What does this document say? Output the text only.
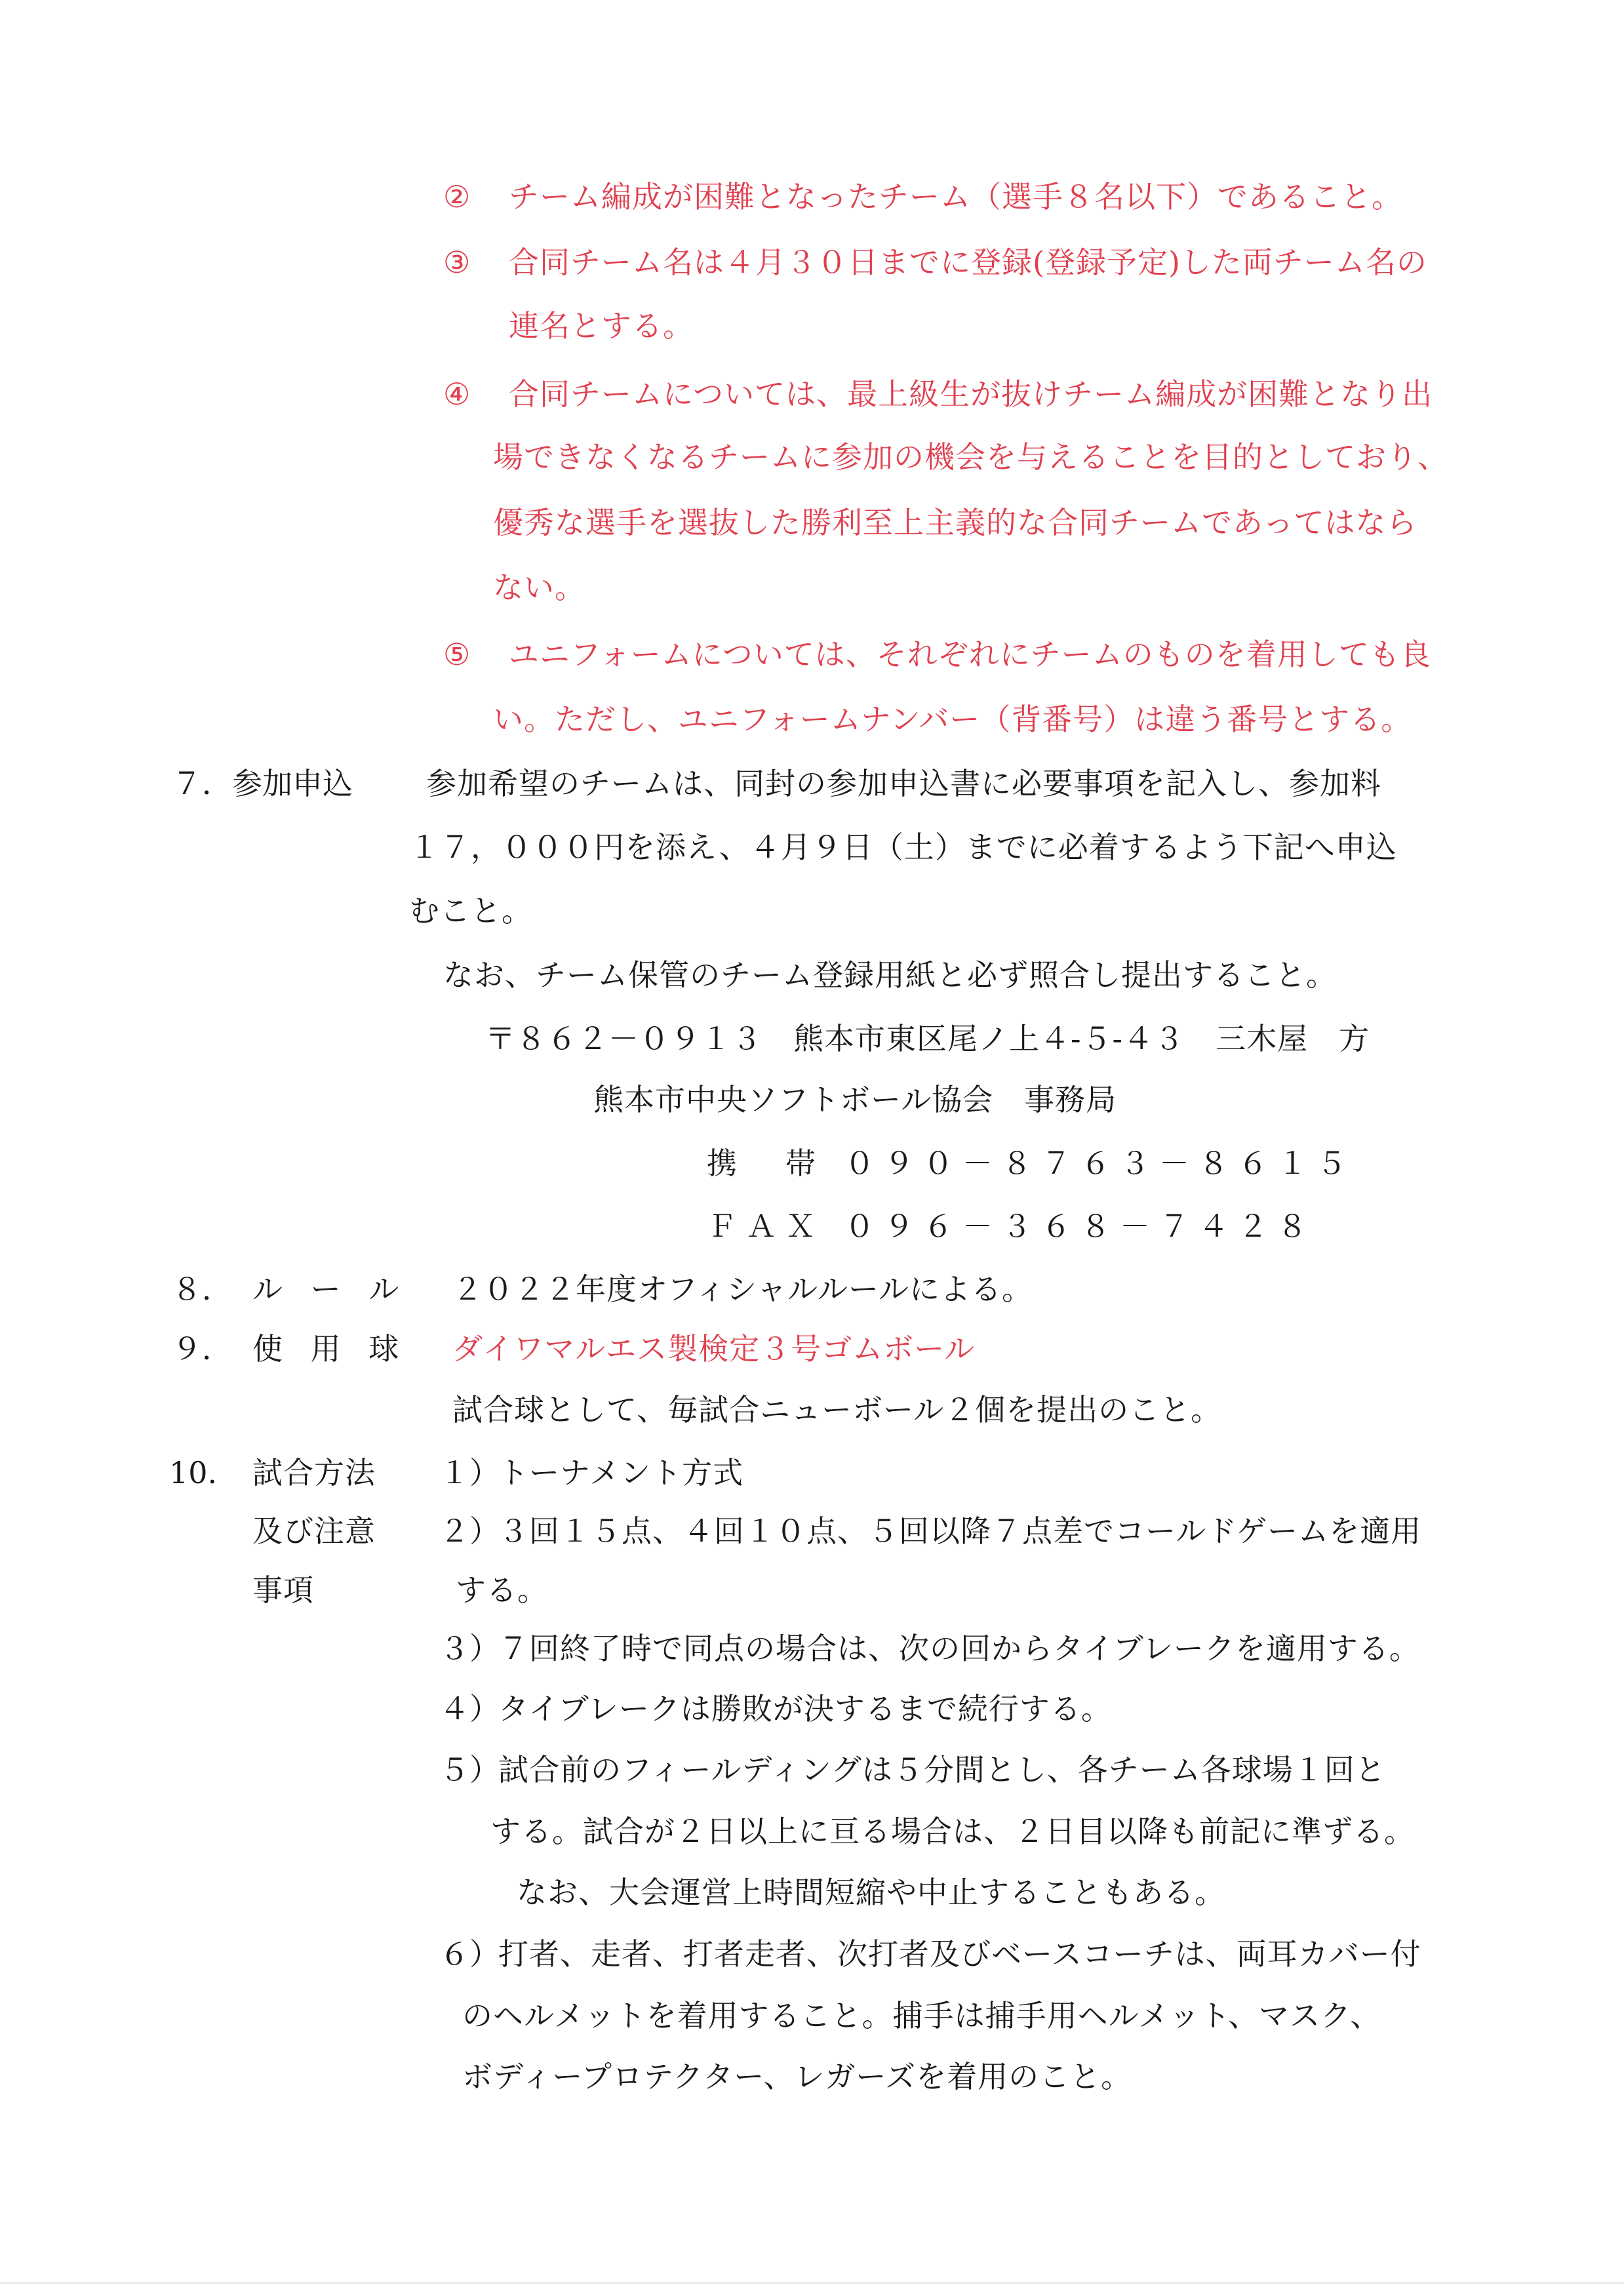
② チーム編成が困難となったチーム（選手８名以下）であること。
③ 合同チーム名は４月３０日までに登録(登録予定)した両チーム名の
連名とする。
④ 合同チームについては、最上級生が抜けチーム編成が困難となり出
場できなくなるチームに参加の機会を与えることを目的としており、
優秀な選手を選抜した勝利至上主義的な合同チームであってはなら
ない。
⑤ ユニフォームについては、それぞれにチームのものを着用しても良
い。ただし、ユニフォームナンバー（背番号）は違う番号とする。
７．参加申込 参加希望のチームは、同封の参加申込書に必要事項を記入し、参加料
１７，０００円を添え、４月９日（土）までに必着するよう下記へ申込
むこと。
なお、チーム保管のチーム登録用紙と必ず照合し提出すること。
〒８６２－０９１３　熊本市東区尾ノ上４-５-４３　三木屋　方
熊本市中央ソフトボール協会　事務局
携　帯 ０９０－８７６３－８６１５
ＦＡＸ ０９６－３６８－７４２８
８． ル ー ル ２０２２年度オフィシャルルールによる。
９． 使 用 球 ダイワマルエス製検定３号ゴムボール
試合球として、毎試合ニューボール２個を提出のこと。
10. 試合方法
及び注意
事項
１）
トーナメント方式
２）
３回１５点、４回１０点、５回以降７点差でコールドゲームを適用
する。
３）
７回終了時で同点の場合は、次の回からタイブレークを適用する。
４）
タイブレークは勝敗が決するまで続行する。
５）
試合前のフィールディングは５分間とし、各チーム各球場１回と
する。試合が２日以上に亘る場合は、２日目以降も前記に準ずる。
なお、大会運営上時間短縮や中止することもある。
６）
打者、走者、打者走者、次打者及びベースコーチは、両耳カバー付
のヘルメットを着用すること。捕手は捕手用ヘルメット、マスク、
ボディープロテクター、レガーズを着用のこと。
